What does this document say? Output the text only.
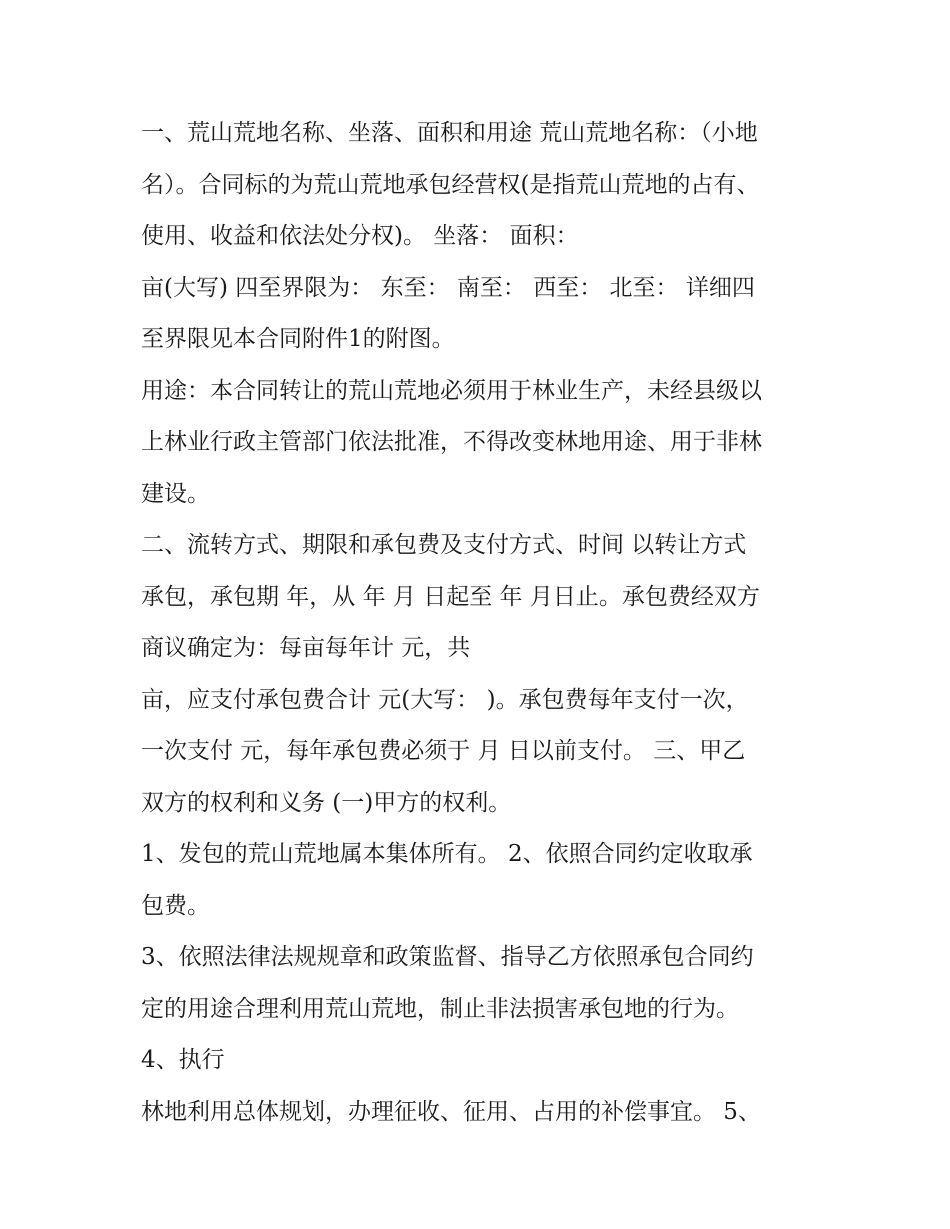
一、荒山荒地名称、坐落、面积和用途 荒山荒地名称：（小地
名）。合同标的为荒山荒地承包经营权(是指荒山荒地的占有、
使用、收益和依法处分权)。 坐落： 面积：
亩(大写) 四至界限为： 东至： 南至： 西至： 北至： 详细四
至界限见本合同附件1的附图。
用途：本合同转让的荒山荒地必须用于林业生产，未经县级以
上林业行政主管部门依法批准，不得改变林地用途、用于非林
建设。
二、流转方式、期限和承包费及支付方式、时间 以转让方式
承包，承包期 年，从 年 月 日起至 年 月日止。承包费经双方
商议确定为：每亩每年计 元，共
亩，应支付承包费合计 元(大写： )。承包费每年支付一次，
一次支付 元，每年承包费必须于 月 日以前支付。 三、甲乙
双方的权利和义务 (一)甲方的权利。
1、发包的荒山荒地属本集体所有。 2、依照合同约定收取承
包费。
3、依照法律法规规章和政策监督、指导乙方依照承包合同约
定的用途合理利用荒山荒地，制止非法损害承包地的行为。
4、执行
林地利用总体规划，办理征收、征用、占用的补偿事宜。 5、
